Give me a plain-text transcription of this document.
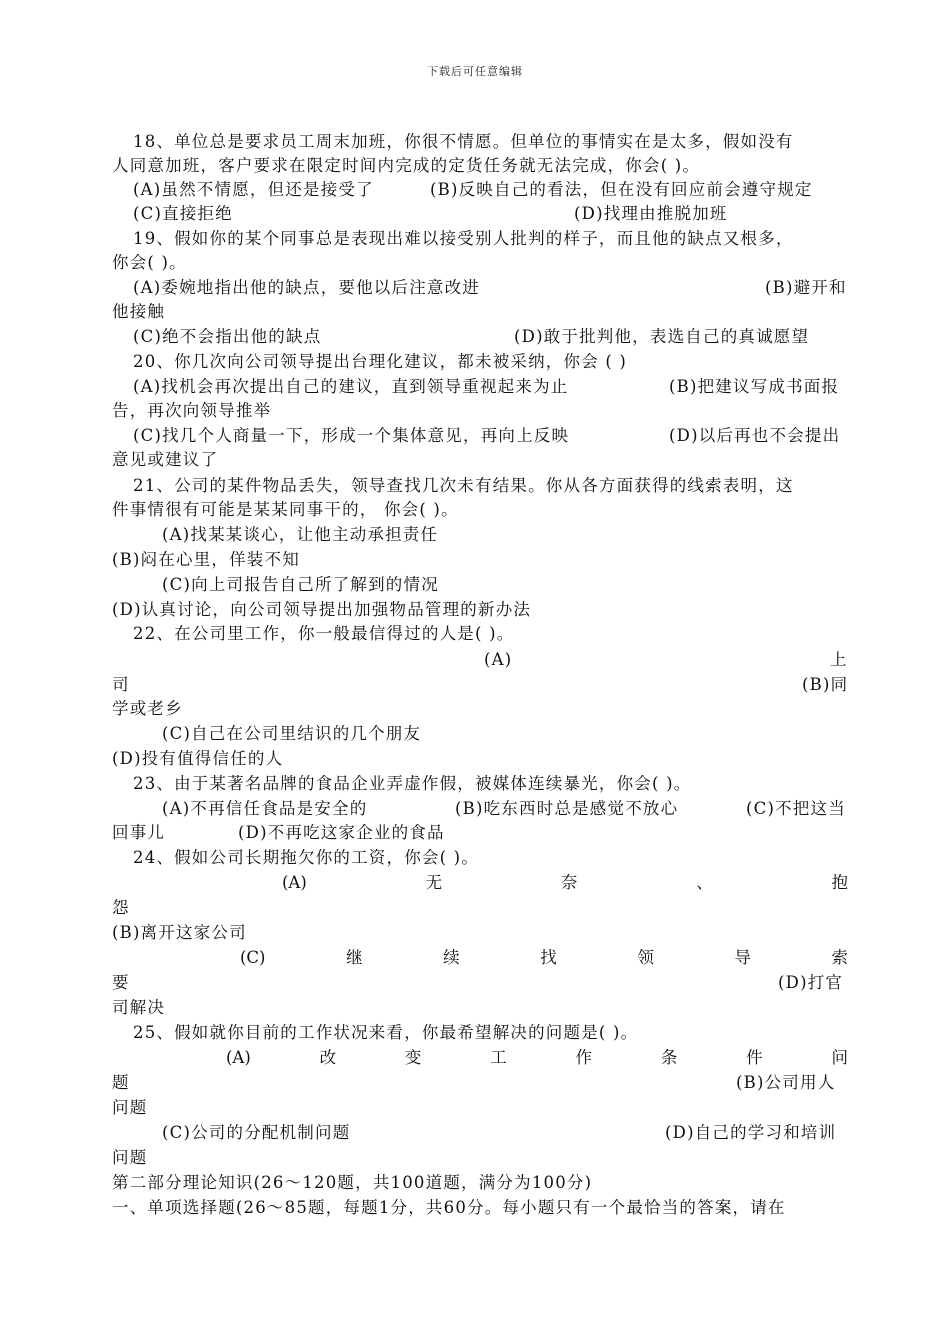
下载后可任意编辑
18、单位总是要求员工周末加班，你很不情愿。但单位的事情实在是太多，假如没有
人同意加班，客户要求在限定时间内完成的定货任务就无法完成，你会( )。
(A)虽然不情愿，但还是接受了	(B)反映自己的看法，但在没有回应前会遵守规定
(C)直接拒绝	(D)找理由推脱加班
19、假如你的某个同事总是表现出难以接受别人批判的样子，而且他的缺点又根多，
你会( )。
(A)委婉地指出他的缺点，要他以后注意改进	(B)避开和
他接触
(C)绝不会指出他的缺点	(D)敢于批判他，表选自己的真诚愿望
20、你几次向公司领导提出台理化建议，都未被采纳，你会 ( )
(A)找机会再次提出自己的建议，直到领导重视起来为止	(B)把建议写成书面报
告，再次向领导推举
(C)找几个人商量一下，形成一个集体意见，再向上反映	(D)以后再也不会提出
意见或建议了
21、公司的某件物品丢失，领导查找几次未有结果。你从各方面获得的线索表明，这
件事情很有可能是某某同事干的， 你会( )。
(A)找某某谈心，让他主动承担责任
(B)闷在心里，佯装不知
(C)向上司报告自己所了解到的情况
(D)认真讨论，向公司领导提出加强物品管理的新办法
22、在公司里工作，你一般最信得过的人是( )。
(A)	上
司	(B)同
学或老乡
(C)自己在公司里结识的几个朋友
(D)投有值得信任的人
23、由于某著名品牌的食品企业弄虚作假，被媒体连续暴光，你会( )。
(A)不再信任食品是安全的	(B)吃东西时总是感觉不放心	(C)不把这当
回事儿	(D)不再吃这家企业的食品
24、假如公司长期拖欠你的工资，你会( )。
(A)	无	奈	、	抱
怨
(B)离开这家公司
(C)	继	续	找	领	导	索
要	(D)打官
司解决
25、假如就你目前的工作状况来看，你最希望解决的问题是( )。
(A)	改	变	工	作	条	件	问
题	(B)公司用人
问题
(C)公司的分配机制问题	(D)自己的学习和培训
问题
第二部分理论知识(26～120题，共100道题，满分为100分)
一、单项选择题(26～85题，每题1分，共60分。每小题只有一个最恰当的答案，请在
